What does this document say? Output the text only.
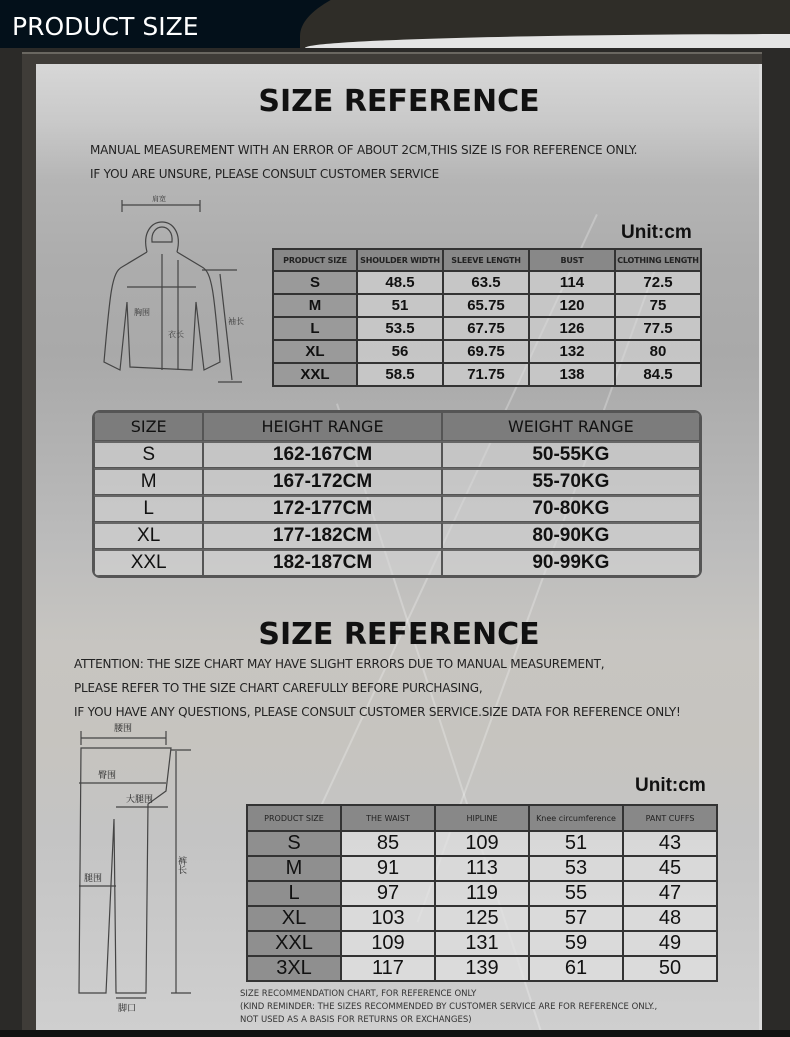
PRODUCT SIZE
SIZE REFERENCE
MANUAL MEASUREMENT WITH AN ERROR OF ABOUT 2CM,THIS SIZE IS FOR REFERENCE ONLY.
IF YOU ARE UNSURE, PLEASE CONSULT CUSTOMER SERVICE
肩宽
胸围
衣长
袖长
Unit:cm
PRODUCT SIZE	SHOULDER WIDTH	SLEEVE LENGTH	BUST	CLOTHING LENGTH
S	48.5	63.5	114	72.5
M	51	65.75	120	75
L	53.5	67.75	126	77.5
XL	56	69.75	132	80
XXL	58.5	71.75	138	84.5
SIZE	HEIGHT RANGE	WEIGHT RANGE
S	162-167CM	50-55KG
M	167-172CM	55-70KG
L	172-177CM	70-80KG
XL	177-182CM	80-90KG
XXL	182-187CM	90-99KG
SIZE REFERENCE
ATTENTION: THE SIZE CHART MAY HAVE SLIGHT ERRORS DUE TO MANUAL MEASUREMENT,
PLEASE REFER TO THE SIZE CHART CAREFULLY BEFORE PURCHASING,
IF YOU HAVE ANY QUESTIONS, PLEASE CONSULT CUSTOMER SERVICE.SIZE DATA FOR REFERENCE ONLY!
腰围
臀围
大腿围
腿围
裤长
脚口
Unit:cm
PRODUCT SIZE	THE WAIST	HIPLINE	Knee circumference	PANT CUFFS
S	85	109	51	43
M	91	113	53	45
L	97	119	55	47
XL	103	125	57	48
XXL	109	131	59	49
3XL	117	139	61	50
SIZE RECOMMENDATION CHART, FOR REFERENCE ONLY
(KIND REMINDER: THE SIZES RECOMMENDED BY CUSTOMER SERVICE ARE FOR REFERENCE ONLY.,
NOT USED AS A BASIS FOR RETURNS OR EXCHANGES)
